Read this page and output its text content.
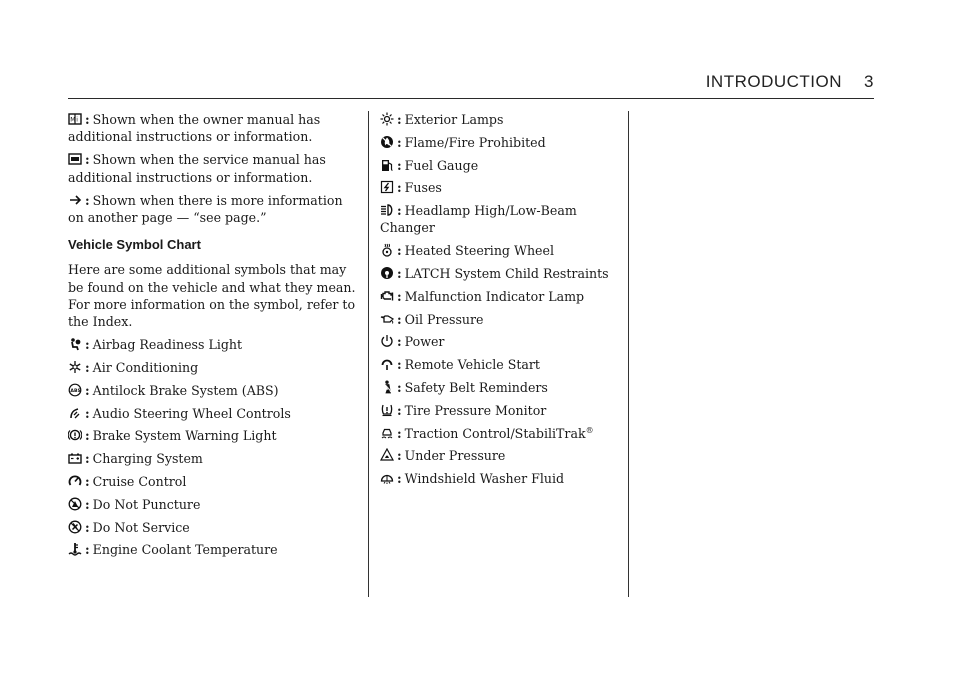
INTRODUCTION 3

i
M : Shown when the owner manual has additional instructions or information.

: Shown when the service manual has additional instructions or information.

: Shown when there is more information on another page — “see page.”

Vehicle Symbol Chart

Here are some additional symbols that may be found on the vehicle and what they mean. For more information on the symbol, refer to the Index.

: Airbag Readiness Light
: Air Conditioning
ABS : Antilock Brake System (ABS)
: Audio Steering Wheel Controls
: Brake System Warning Light
: Charging System
: Cruise Control
: Do Not Puncture
: Do Not Service
: Engine Coolant Temperature
: Exterior Lamps
: Flame/Fire Prohibited
: Fuel Gauge
: Fuses
: Headlamp High/Low-Beam Changer
: Heated Steering Wheel
: LATCH System Child Restraints
: Malfunction Indicator Lamp
: Oil Pressure
: Power
: Remote Vehicle Start
: Safety Belt Reminders
: Tire Pressure Monitor
: Traction Control/StabiliTrak®
: Under Pressure
: Windshield Washer Fluid
